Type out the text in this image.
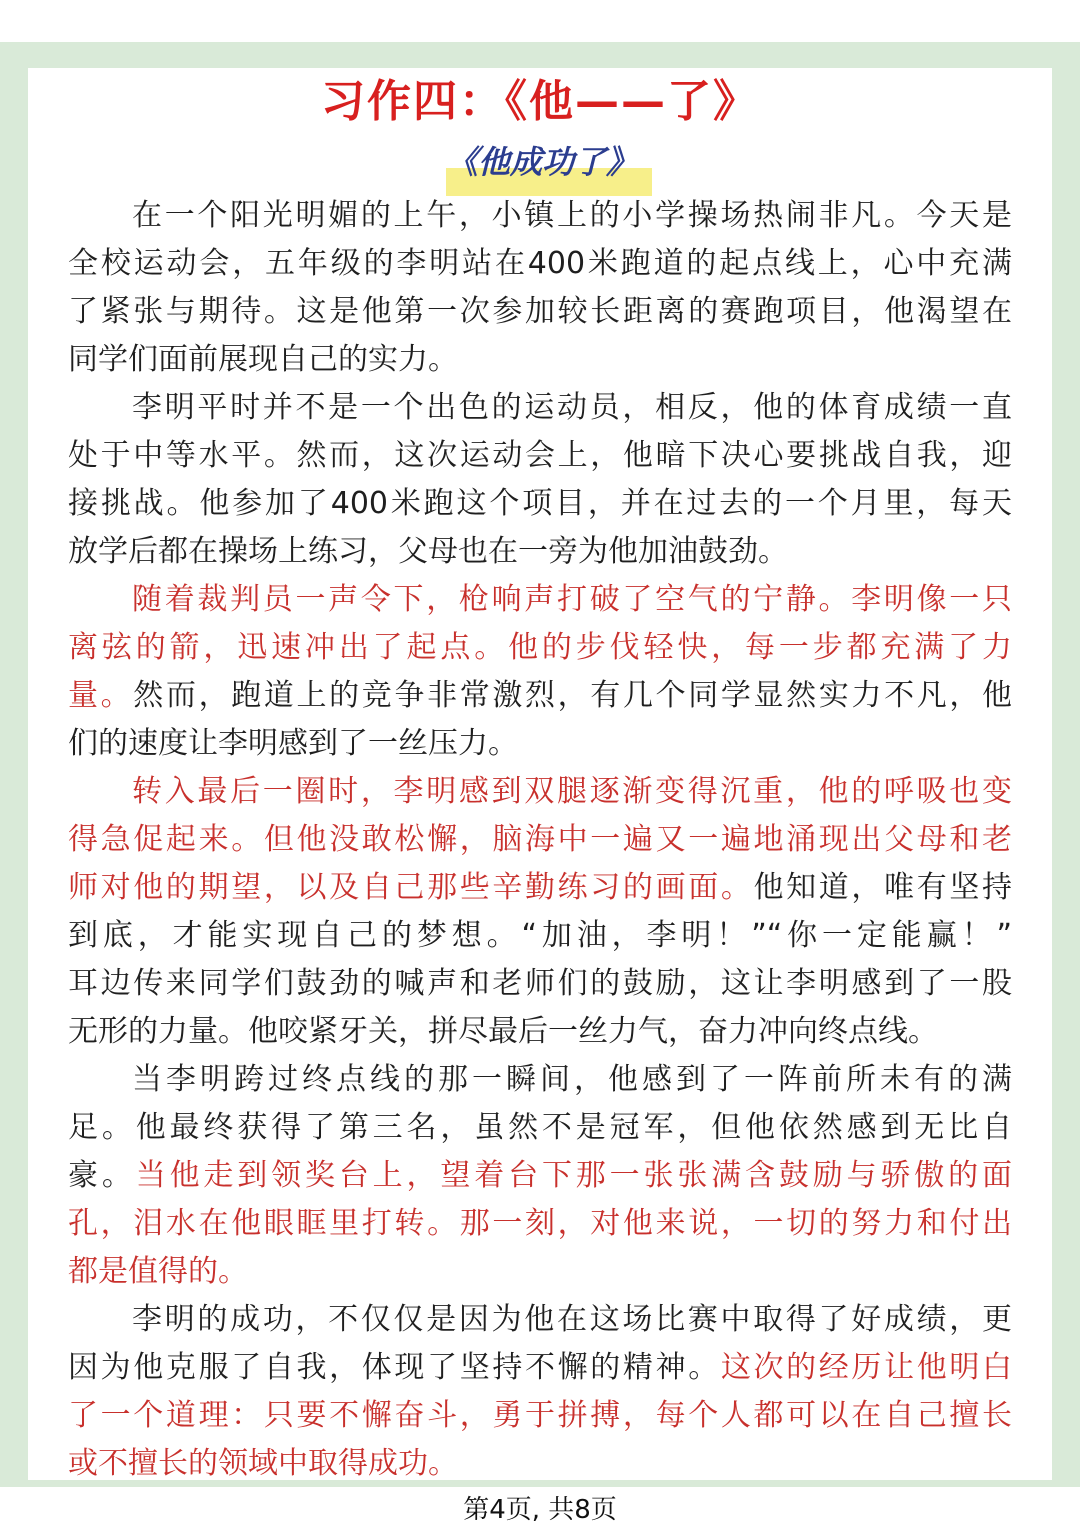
习作四：《他——了》
《他成功了》
在一个阳光明媚的上午，小镇上的小学操场热闹非凡。今天是
全校运动会，五年级的李明站在400米跑道的起点线上，心中充满
了紧张与期待。这是他第一次参加较长距离的赛跑项目，他渴望在
同学们面前展现自己的实力。
李明平时并不是一个出色的运动员，相反，他的体育成绩一直
处于中等水平。然而，这次运动会上，他暗下决心要挑战自我，迎
接挑战。他参加了400米跑这个项目，并在过去的一个月里，每天
放学后都在操场上练习，父母也在一旁为他加油鼓劲。
随着裁判员一声令下，枪响声打破了空气的宁静。李明像一只
离弦的箭，迅速冲出了起点。他的步伐轻快，每一步都充满了力
量。然而，跑道上的竞争非常激烈，有几个同学显然实力不凡，他
们的速度让李明感到了一丝压力。
转入最后一圈时，李明感到双腿逐渐变得沉重，他的呼吸也变
得急促起来。但他没敢松懈，脑海中一遍又一遍地涌现出父母和老
师对他的期望，以及自己那些辛勤练习的画面。他知道，唯有坚持
到底，才能实现自己的梦想。“加油，李明！”“你一定能赢！”
耳边传来同学们鼓劲的喊声和老师们的鼓励，这让李明感到了一股
无形的力量。他咬紧牙关，拼尽最后一丝力气，奋力冲向终点线。
当李明跨过终点线的那一瞬间，他感到了一阵前所未有的满
足。他最终获得了第三名，虽然不是冠军，但他依然感到无比自
豪。当他走到领奖台上，望着台下那一张张满含鼓励与骄傲的面
孔，泪水在他眼眶里打转。那一刻，对他来说，一切的努力和付出
都是值得的。
李明的成功，不仅仅是因为他在这场比赛中取得了好成绩，更
因为他克服了自我，体现了坚持不懈的精神。这次的经历让他明白
了一个道理：只要不懈奋斗，勇于拼搏，每个人都可以在自己擅长
或不擅长的领域中取得成功。
第4页, 共8页
